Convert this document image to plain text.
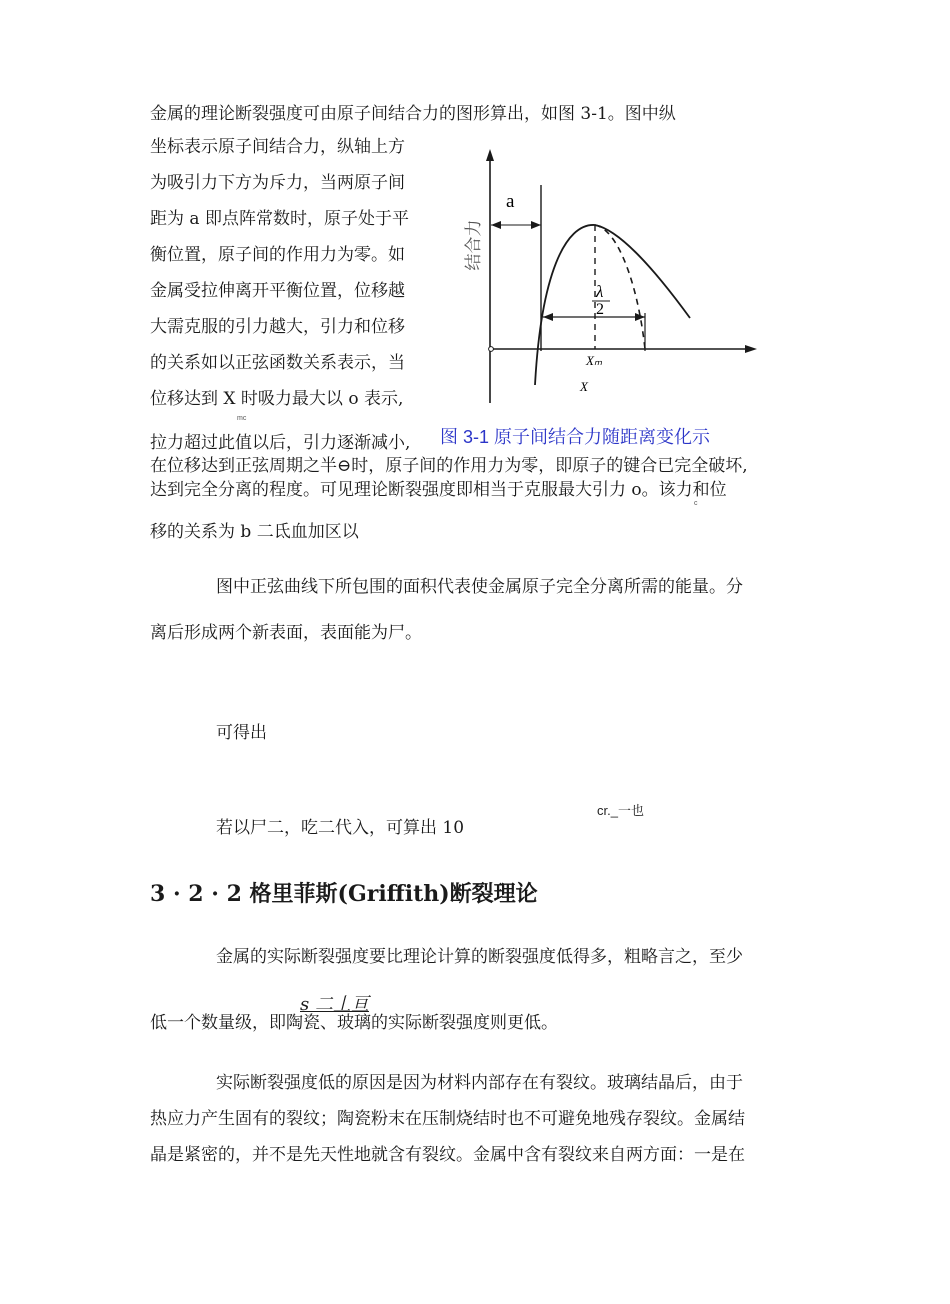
金属的理论断裂强度可由原子间结合力的图形算出，如图 3-1。图中纵
坐标表示原子间结合力，纵轴上方
为吸引力下方为斥力，当两原子间
距为 a 即点阵常数时，原子处于平
衡位置，原子间的作用力为零。如
金属受拉伸离开平衡位置，位移越
大需克服的引力越大，引力和位移
的关系如以正弦函数关系表示，当
位移达到 X 时吸力最大以 o 表示,
mc
拉力超过此值以后，引力逐渐减小,
在位移达到正弦周期之半⊖时，原子间的作用力为零，即原子的键合已完全破坏,
达到完全分离的程度。可见理论断裂强度即相当于克服最大引力 o。该力和位
c
移的关系为 b 二氐血加区以
a
结合力
λ
2
Xₘ
X
图 3-1 原子间结合力随距离变化示
图中正弦曲线下所包围的面积代表使金属原子完全分离所需的能量。分
离后形成两个新表面，表面能为尸。
可得出
cr._一也
若以尸二，吃二代入，可算出 10
3 · 2 · 2 格里菲斯(Griffith)断裂理论
金属的实际断裂强度要比理论计算的断裂强度低得多，粗略言之，至少
s 二丄亘
低一个数量级，即陶瓷、玻璃的实际断裂强度则更低。
实际断裂强度低的原因是因为材料内部存在有裂纹。玻璃结晶后，由于
热应力产生固有的裂纹；陶瓷粉末在压制烧结时也不可避免地残存裂纹。金属结
晶是紧密的，并不是先天性地就含有裂纹。金属中含有裂纹来自两方面：一是在
